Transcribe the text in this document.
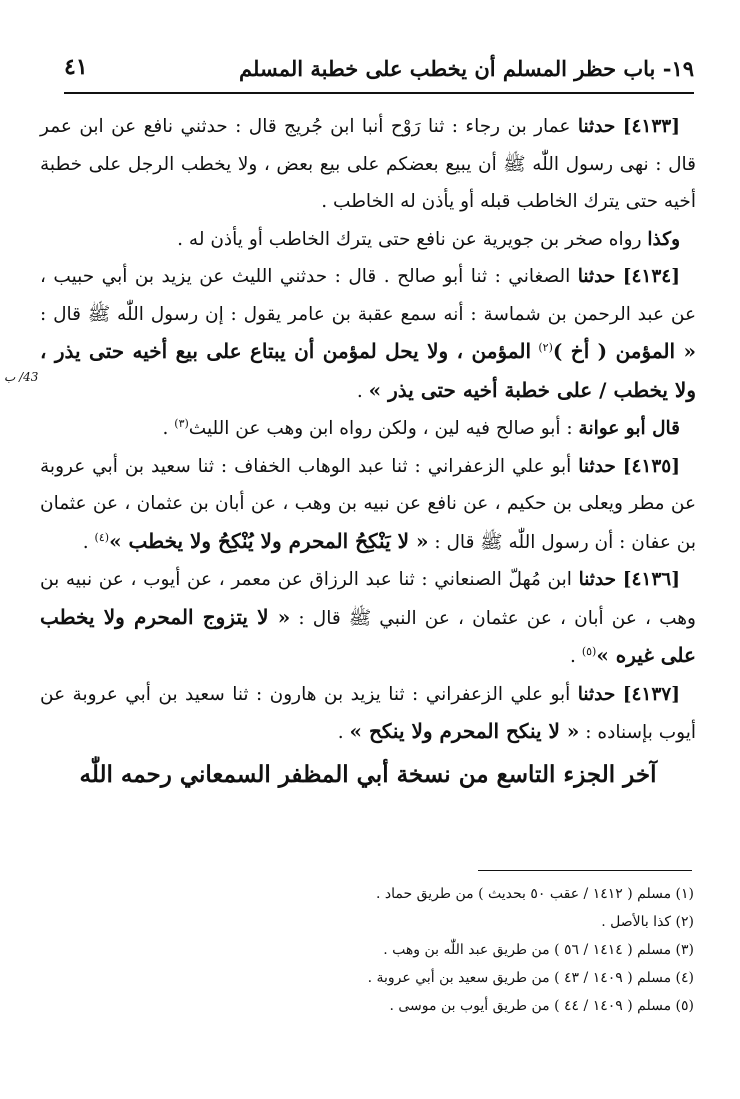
١٩- باب حظر المسلم أن يخطب على خطبة المسلم
٤١
43/ ب

[٤١٣٣] حدثنا عمار بن رجاء : ثنا رَوْح أنبا ابن جُريج قال : حدثني نافع عن ابن عمر قال : نهى رسول اللّٰه ﷺ أن يبيع بعضكم على بيع بعض ، ولا يخطب الرجل على خطبة أخيه حتى يترك الخاطب قبله أو يأذن له الخاطب .

وكذا رواه صخر بن جويرية عن نافع حتى يترك الخاطب أو يأذن له .

[٤١٣٤] حدثنا الصغاني : ثنا أبو صالح . قال : حدثني الليث عن يزيد بن أبي حبيب ، عن عبد الرحمن بن شماسة : أنه سمع عقبة بن عامر يقول : إن رسول اللّٰه ﷺ قال : « المؤمن ( أخ )$^{(٢)}$ المؤمن ، ولا يحل لمؤمن أن يبتاع على بيع أخيه حتى يذر ، ولا يخطب / على خطبة أخيه حتى يذر » .

قال أبو عوانة : أبو صالح فيه لين ، ولكن رواه ابن وهب عن الليث$^{(٣)}$ .

[٤١٣٥] حدثنا أبو علي الزعفراني : ثنا عبد الوهاب الخفاف : ثنا سعيد بن أبي عروبة عن مطر ويعلى بن حكيم ، عن نافع عن نبيه بن وهب ، عن أبان بن عثمان ، عن عثمان بن عفان : أن رسول اللّٰه ﷺ قال : « لا يَنْكِحُ المحرم ولا يُنْكِحُ ولا يخطب »$^{(٤)}$ .

[٤١٣٦] حدثنا ابن مُهلّ الصنعاني : ثنا عبد الرزاق عن معمر ، عن أيوب ، عن نبيه بن وهب ، عن أبان ، عن عثمان ، عن النبي ﷺ قال : « لا يتزوج المحرم ولا يخطب على غيره »$^{(٥)}$ .

[٤١٣٧] حدثنا أبو علي الزعفراني : ثنا يزيد بن هارون : ثنا سعيد بن أبي عروبة عن أيوب بإسناده : « لا ينكح المحرم ولا ينكح » .

آخر الجزء التاسع من نسخة أبي المظفر السمعاني رحمه اللّٰه

(١) مسلم ( ١٤١٢ / عقب ٥٠ بحديث ) من طريق حماد .

(٢) كذا بالأصل .

(٣) مسلم ( ١٤١٤ / ٥٦ ) من طريق عبد اللّٰه بن وهب .

(٤) مسلم ( ١٤٠٩ / ٤٣ ) من طريق سعيد بن أبي عروبة .

(٥) مسلم ( ١٤٠٩ / ٤٤ ) من طريق أيوب بن موسى .
